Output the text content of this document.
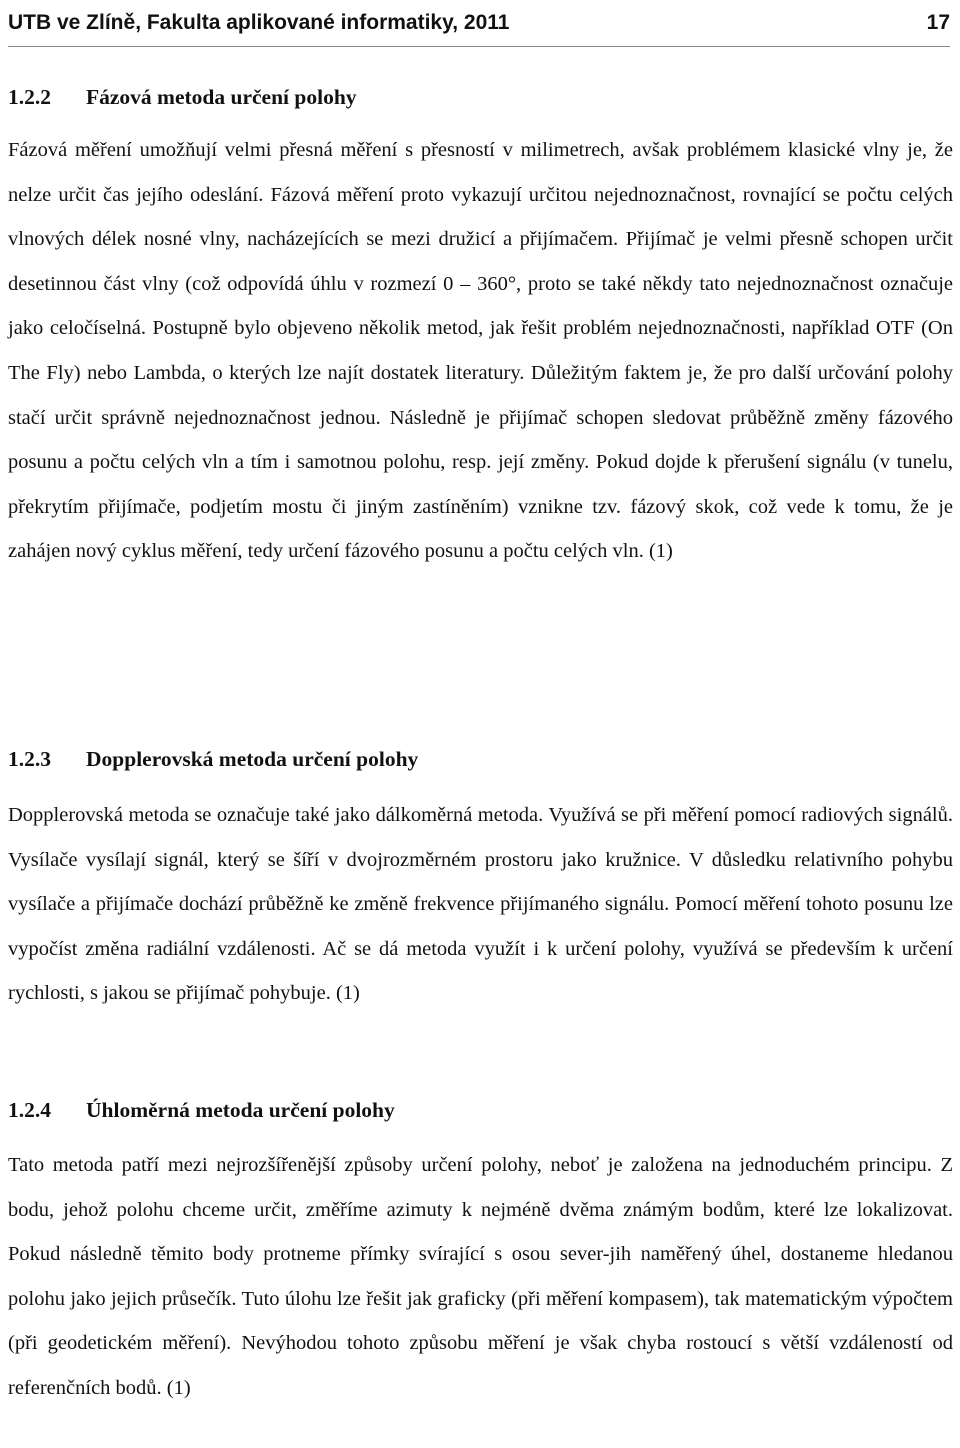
UTB ve Zlíně, Fakulta aplikované informatiky, 2011	17
1.2.2 Fázová metoda určení polohy

Fázová měření umožňují velmi přesná měření s přesností v milimetrech, avšak problémem klasické vlny je, že nelze určit čas jejího odeslání. Fázová měření proto vykazují určitou nejednoznačnost, rovnající se počtu celých vlnových délek nosné vlny, nacházejících se mezi družicí a přijímačem. Přijímač je velmi přesně schopen určit desetinnou část vlny (což odpovídá úhlu v rozmezí 0 – 360°, proto se také někdy tato nejednoznačnost označuje jako celočíselná. Postupně bylo objeveno několik metod, jak řešit problém nejednoznačnosti, například OTF (On The Fly) nebo Lambda, o kterých lze najít dostatek literatury. Důležitým faktem je, že pro další určování polohy stačí určit správně nejednoznačnost jednou. Následně je přijímač schopen sledovat průběžně změny fázového posunu a počtu celých vln a tím i samotnou polohu, resp. její změny. Pokud dojde k přerušení signálu (v tunelu, překrytím přijímače, podjetím mostu či jiným zastíněním) vznikne tzv. fázový skok, což vede k tomu, že je zahájen nový cyklus měření, tedy určení fázového posunu a počtu celých vln. (1)

1.2.3 Dopplerovská metoda určení polohy

Dopplerovská metoda se označuje také jako dálkoměrná metoda. Využívá se při měření pomocí radiových signálů. Vysílače vysílají signál, který se šíří v dvojrozměrném prostoru jako kružnice. V důsledku relativního pohybu vysílače a přijímače dochází průběžně ke změně frekvence přijímaného signálu. Pomocí měření tohoto posunu lze vypočíst změna radiální vzdálenosti. Ač se dá metoda využít i k určení polohy, využívá se především k určení rychlosti, s jakou se přijímač pohybuje. (1)

1.2.4 Úhloměrná metoda určení polohy

Tato metoda patří mezi nejrozšířenější způsoby určení polohy, neboť je založena na jednoduchém principu. Z bodu, jehož polohu chceme určit, změříme azimuty k nejméně dvěma známým bodům, které lze lokalizovat. Pokud následně těmito body protneme přímky svírající s osou sever-jih naměřený úhel, dostaneme hledanou polohu jako jejich průsečík. Tuto úlohu lze řešit jak graficky (při měření kompasem), tak matematickým výpočtem (při geodetickém měření). Nevýhodou tohoto způsobu měření je však chyba rostoucí s větší vzdáleností od referenčních bodů. (1)
